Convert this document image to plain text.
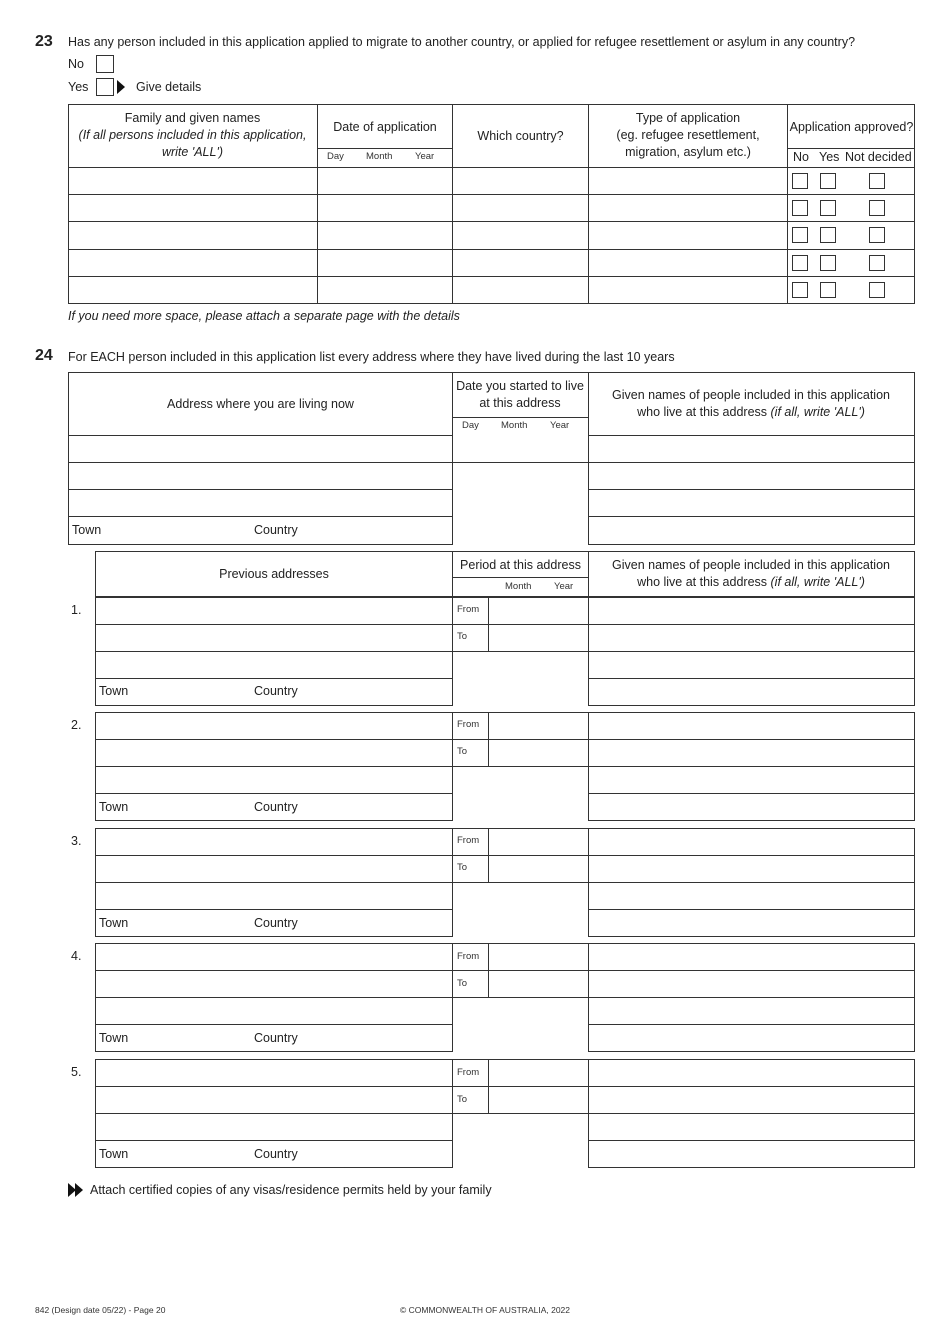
23 Has any person included in this application applied to migrate to another country, or applied for refugee resettlement or asylum in any country?
No
Yes	Give details
Family and given names
(If all persons included in this application, write 'ALL')
Date of application
Day Month Year
Which country?
Type of application
(eg. refugee resettlement, migration, asylum etc.)
Application approved?
No Yes Not decided
If you need more space, please attach a separate page with the details
24 For EACH person included in this application list every address where they have lived during the last 10 years
Address where you are living now
Date you started to live at this address
Day Month Year
Given names of people included in this application who live at this address (if all, write 'ALL')
Town	Country
Previous addresses
Period at this address
Month Year
Given names of people included in this application who live at this address (if all, write 'ALL')
1.	From
To
Town	Country
2.	From
To
Town	Country
3.	From
To
Town	Country
4.	From
To
Town	Country
5.	From
To
Town	Country
Attach certified copies of any visas/residence permits held by your family
842 (Design date 05/22) - Page 20	© COMMONWEALTH OF AUSTRALIA, 2022
